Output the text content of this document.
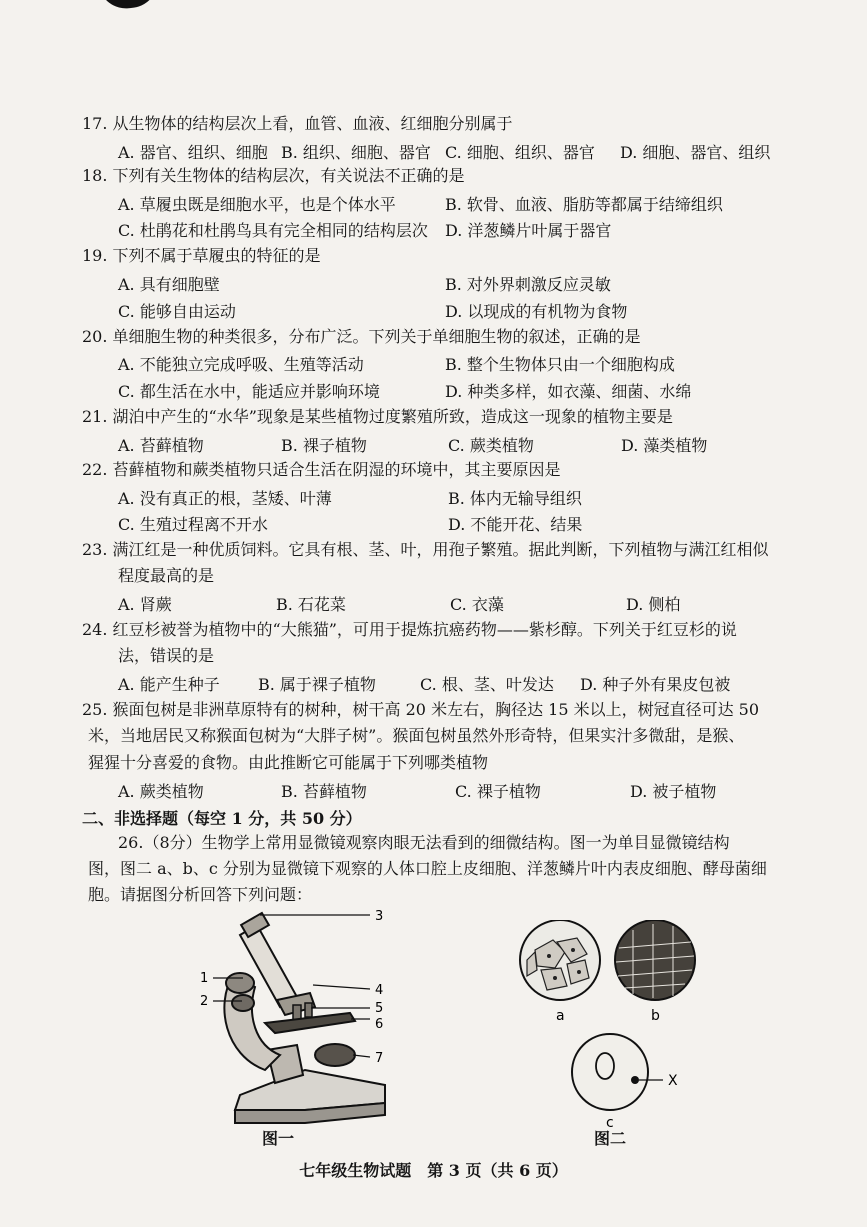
17. 从生物体的结构层次上看，血管、血液、红细胞分别属于
A. 器官、组织、细胞 B. 组织、细胞、器官 C. 细胞、组织、器官 D. 细胞、器官、组织
18. 下列有关生物体的结构层次，有关说法不正确的是
A. 草履虫既是细胞水平，也是个体水平	B. 软骨、血液、脂肪等都属于结缔组织
C. 杜鹃花和杜鹃鸟具有完全相同的结构层次 D. 洋葱鳞片叶属于器官
19. 下列不属于草履虫的特征的是
A. 具有细胞壁	B. 对外界刺激反应灵敏
C. 能够自由运动	D. 以现成的有机物为食物
20. 单细胞生物的种类很多，分布广泛。下列关于单细胞生物的叙述，正确的是
A. 不能独立完成呼吸、生殖等活动	B. 整个生物体只由一个细胞构成
C. 都生活在水中，能适应并影响环境	D. 种类多样，如衣藻、细菌、水绵
21. 湖泊中产生的“水华”现象是某些植物过度繁殖所致，造成这一现象的植物主要是
A. 苔藓植物	B. 裸子植物	C. 蕨类植物	D. 藻类植物
22. 苔藓植物和蕨类植物只适合生活在阴湿的环境中，其主要原因是
A. 没有真正的根，茎矮、叶薄	B. 体内无输导组织
C. 生殖过程离不开水	D. 不能开花、结果
23. 满江红是一种优质饲料。它具有根、茎、叶，用孢子繁殖。据此判断，下列植物与满江红相似
程度最高的是
A. 肾蕨	B. 石花菜	C. 衣藻	D. 侧柏
24. 红豆杉被誉为植物中的“大熊猫”，可用于提炼抗癌药物——紫杉醇。下列关于红豆杉的说
法，错误的是
A. 能产生种子 B. 属于裸子植物	C. 根、茎、叶发达 D. 种子外有果皮包被
25. 猴面包树是非洲草原特有的树种，树干高 20 米左右，胸径达 15 米以上，树冠直径可达 50
米，当地居民又称猴面包树为“大胖子树”。猴面包树虽然外形奇特，但果实汁多微甜，是猴、
猩猩十分喜爱的食物。由此推断它可能属于下列哪类植物
A. 蕨类植物	B. 苔藓植物	C. 裸子植物	D. 被子植物
二、非选择题（每空 1 分，共 50 分）
26.（8分）生物学上常用显微镜观察肉眼无法看到的细微结构。图一为单目显微镜结构
图，图二 a、b、c 分别为显微镜下观察的人体口腔上皮细胞、洋葱鳞片叶内表皮细胞、酵母菌细
胞。请据图分析回答下列问题：
1
2
3
4
5
6
7
图一
a	b
X
c
图二
七年级生物试题　第 3 页（共 6 页）
